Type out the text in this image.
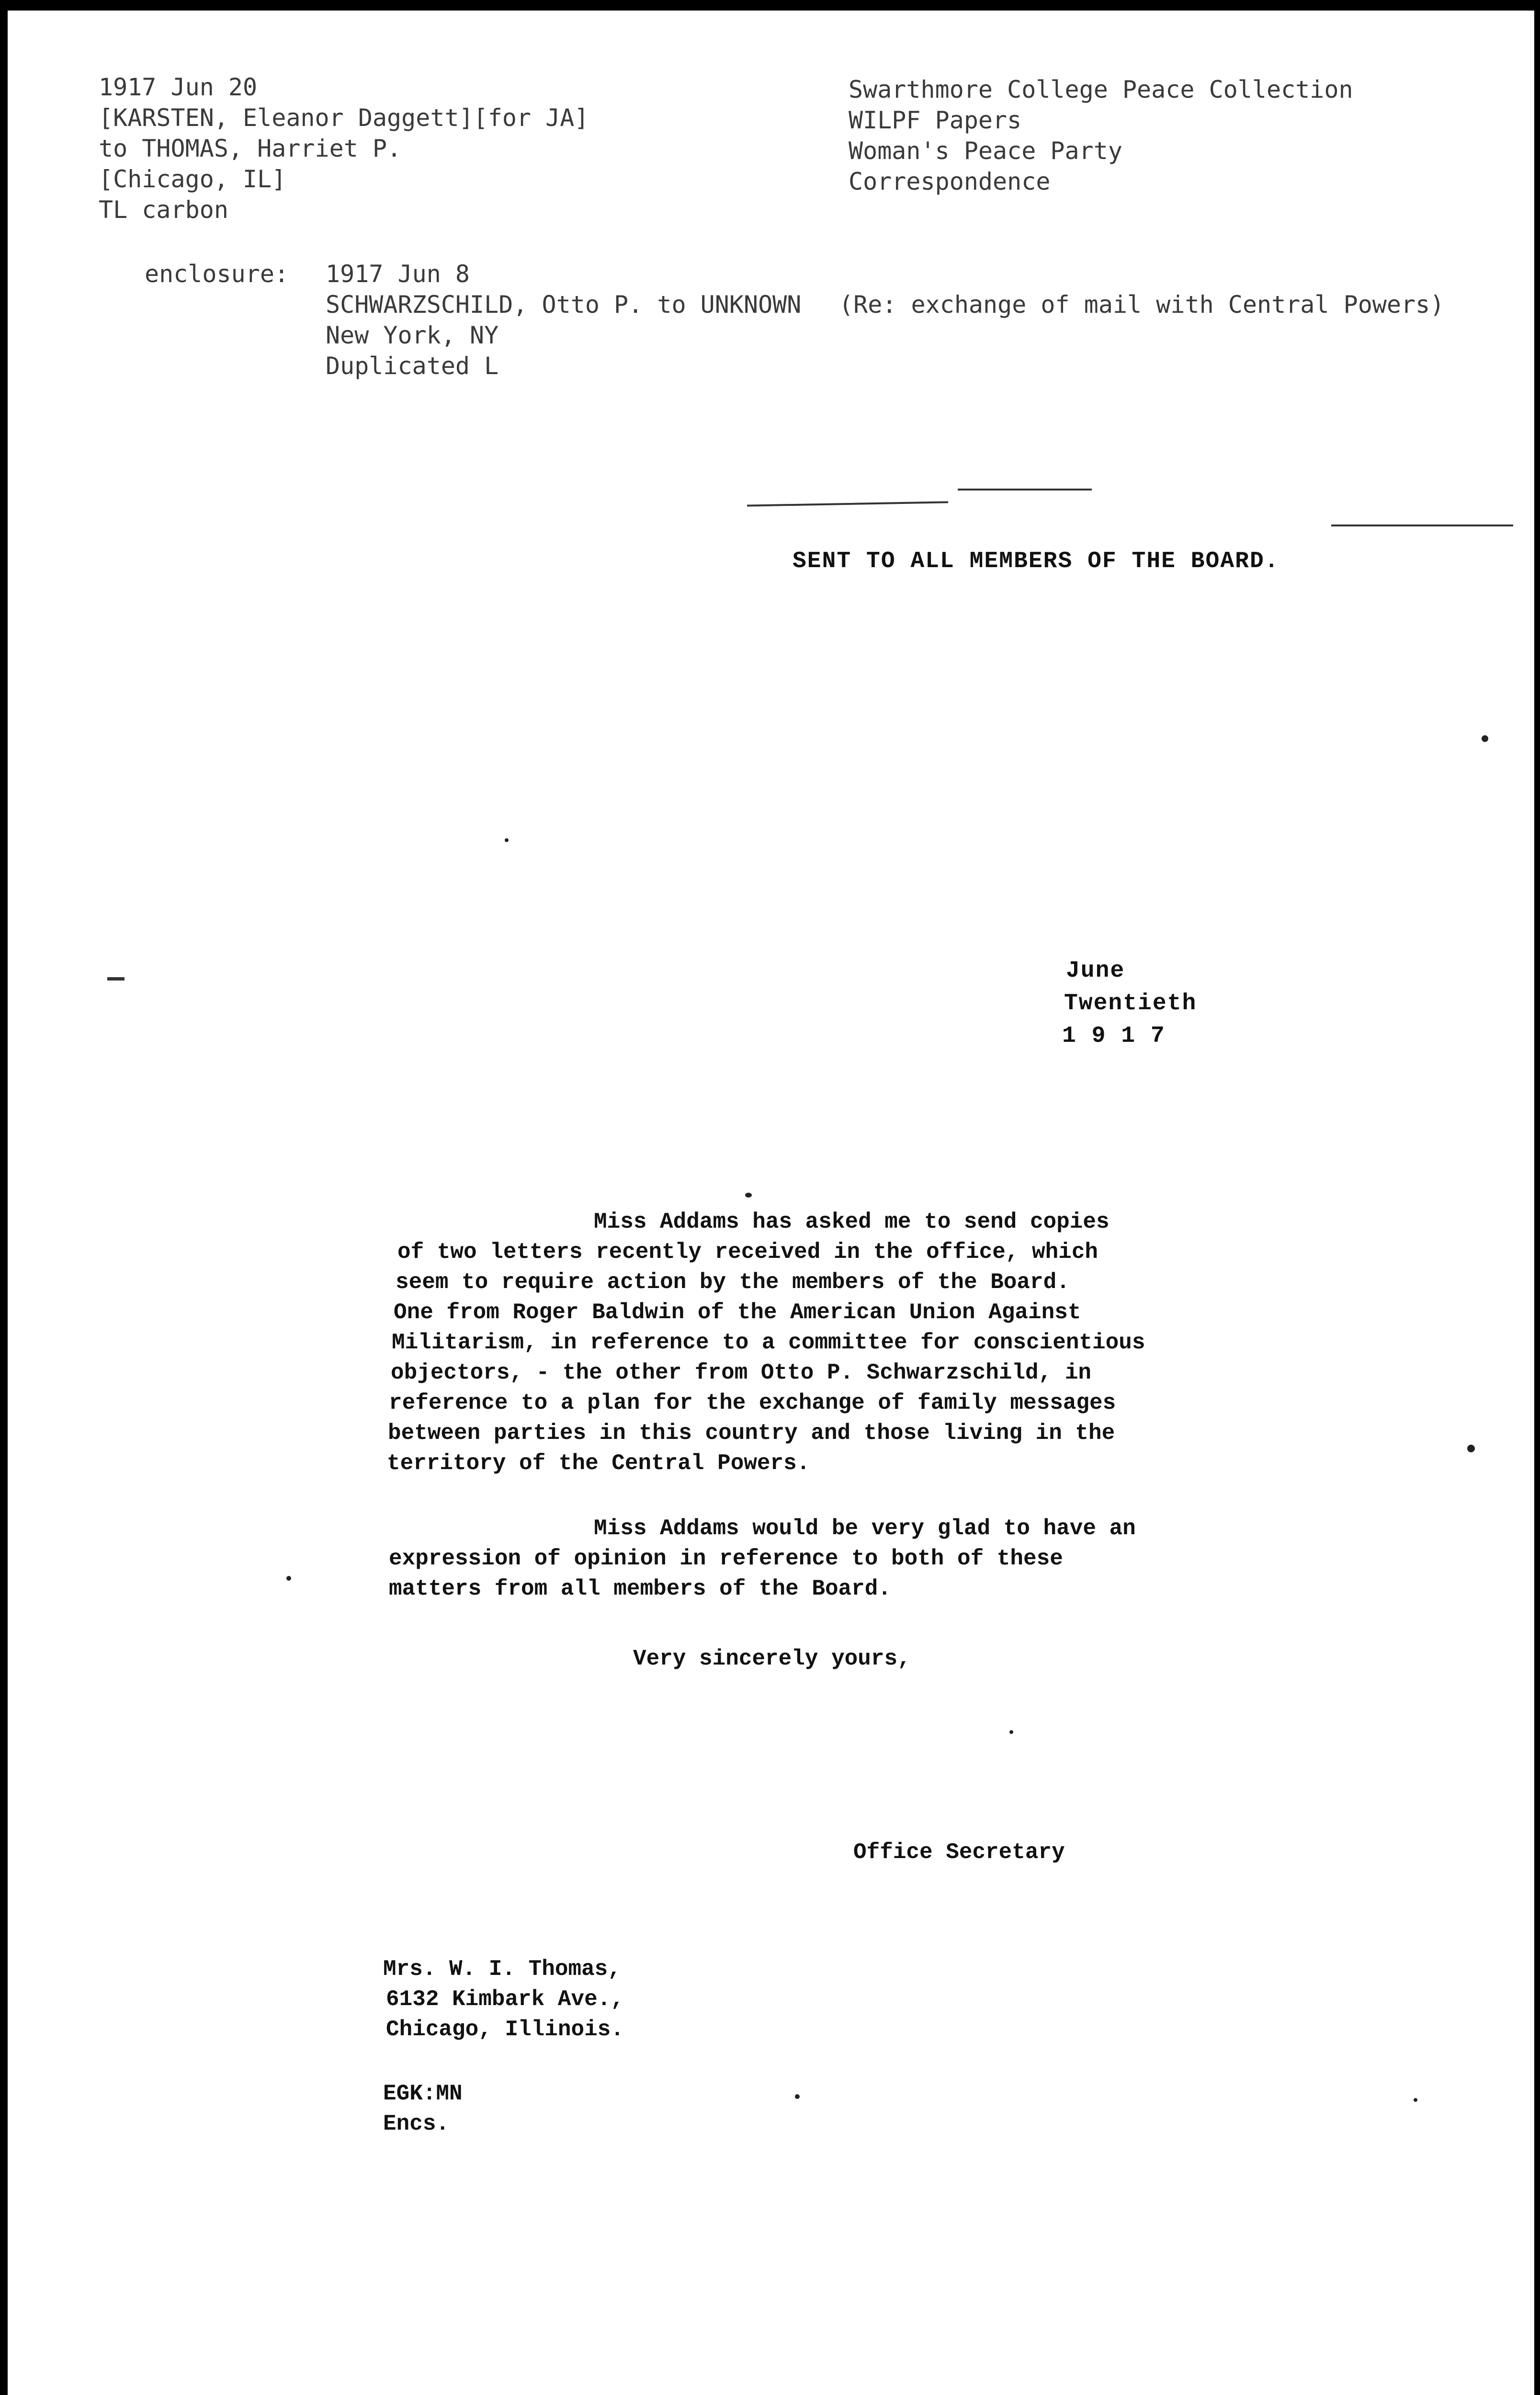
1917 Jun 20
[KARSTEN, Eleanor Daggett][for JA]
to THOMAS, Harriet P.
[Chicago, IL]
TL carbon
Swarthmore College Peace Collection
WILPF Papers
Woman's Peace Party
Correspondence
enclosure: 1917 Jun 8
SCHWARZSCHILD, Otto P. to UNKNOWN (Re: exchange of mail with Central Powers)
New York, NY
Duplicated L
SENT TO ALL MEMBERS OF THE BOARD.
June
Twentieth
1 9 1 7
Miss Addams has asked me to send copies
of two letters recently received in the office, which
seem to require action by the members of the Board.
One from Roger Baldwin of the American Union Against
Militarism, in reference to a committee for conscientious
objectors, - the other from Otto P. Schwarzschild, in
reference to a plan for the exchange of family messages
between parties in this country and those living in the
territory of the Central Powers.
Miss Addams would be very glad to have an
expression of opinion in reference to both of these
matters from all members of the Board.
Very sincerely yours,
Office Secretary
Mrs. W. I. Thomas,
6132 Kimbark Ave.,
Chicago, Illinois.
EGK:MN
Encs.
